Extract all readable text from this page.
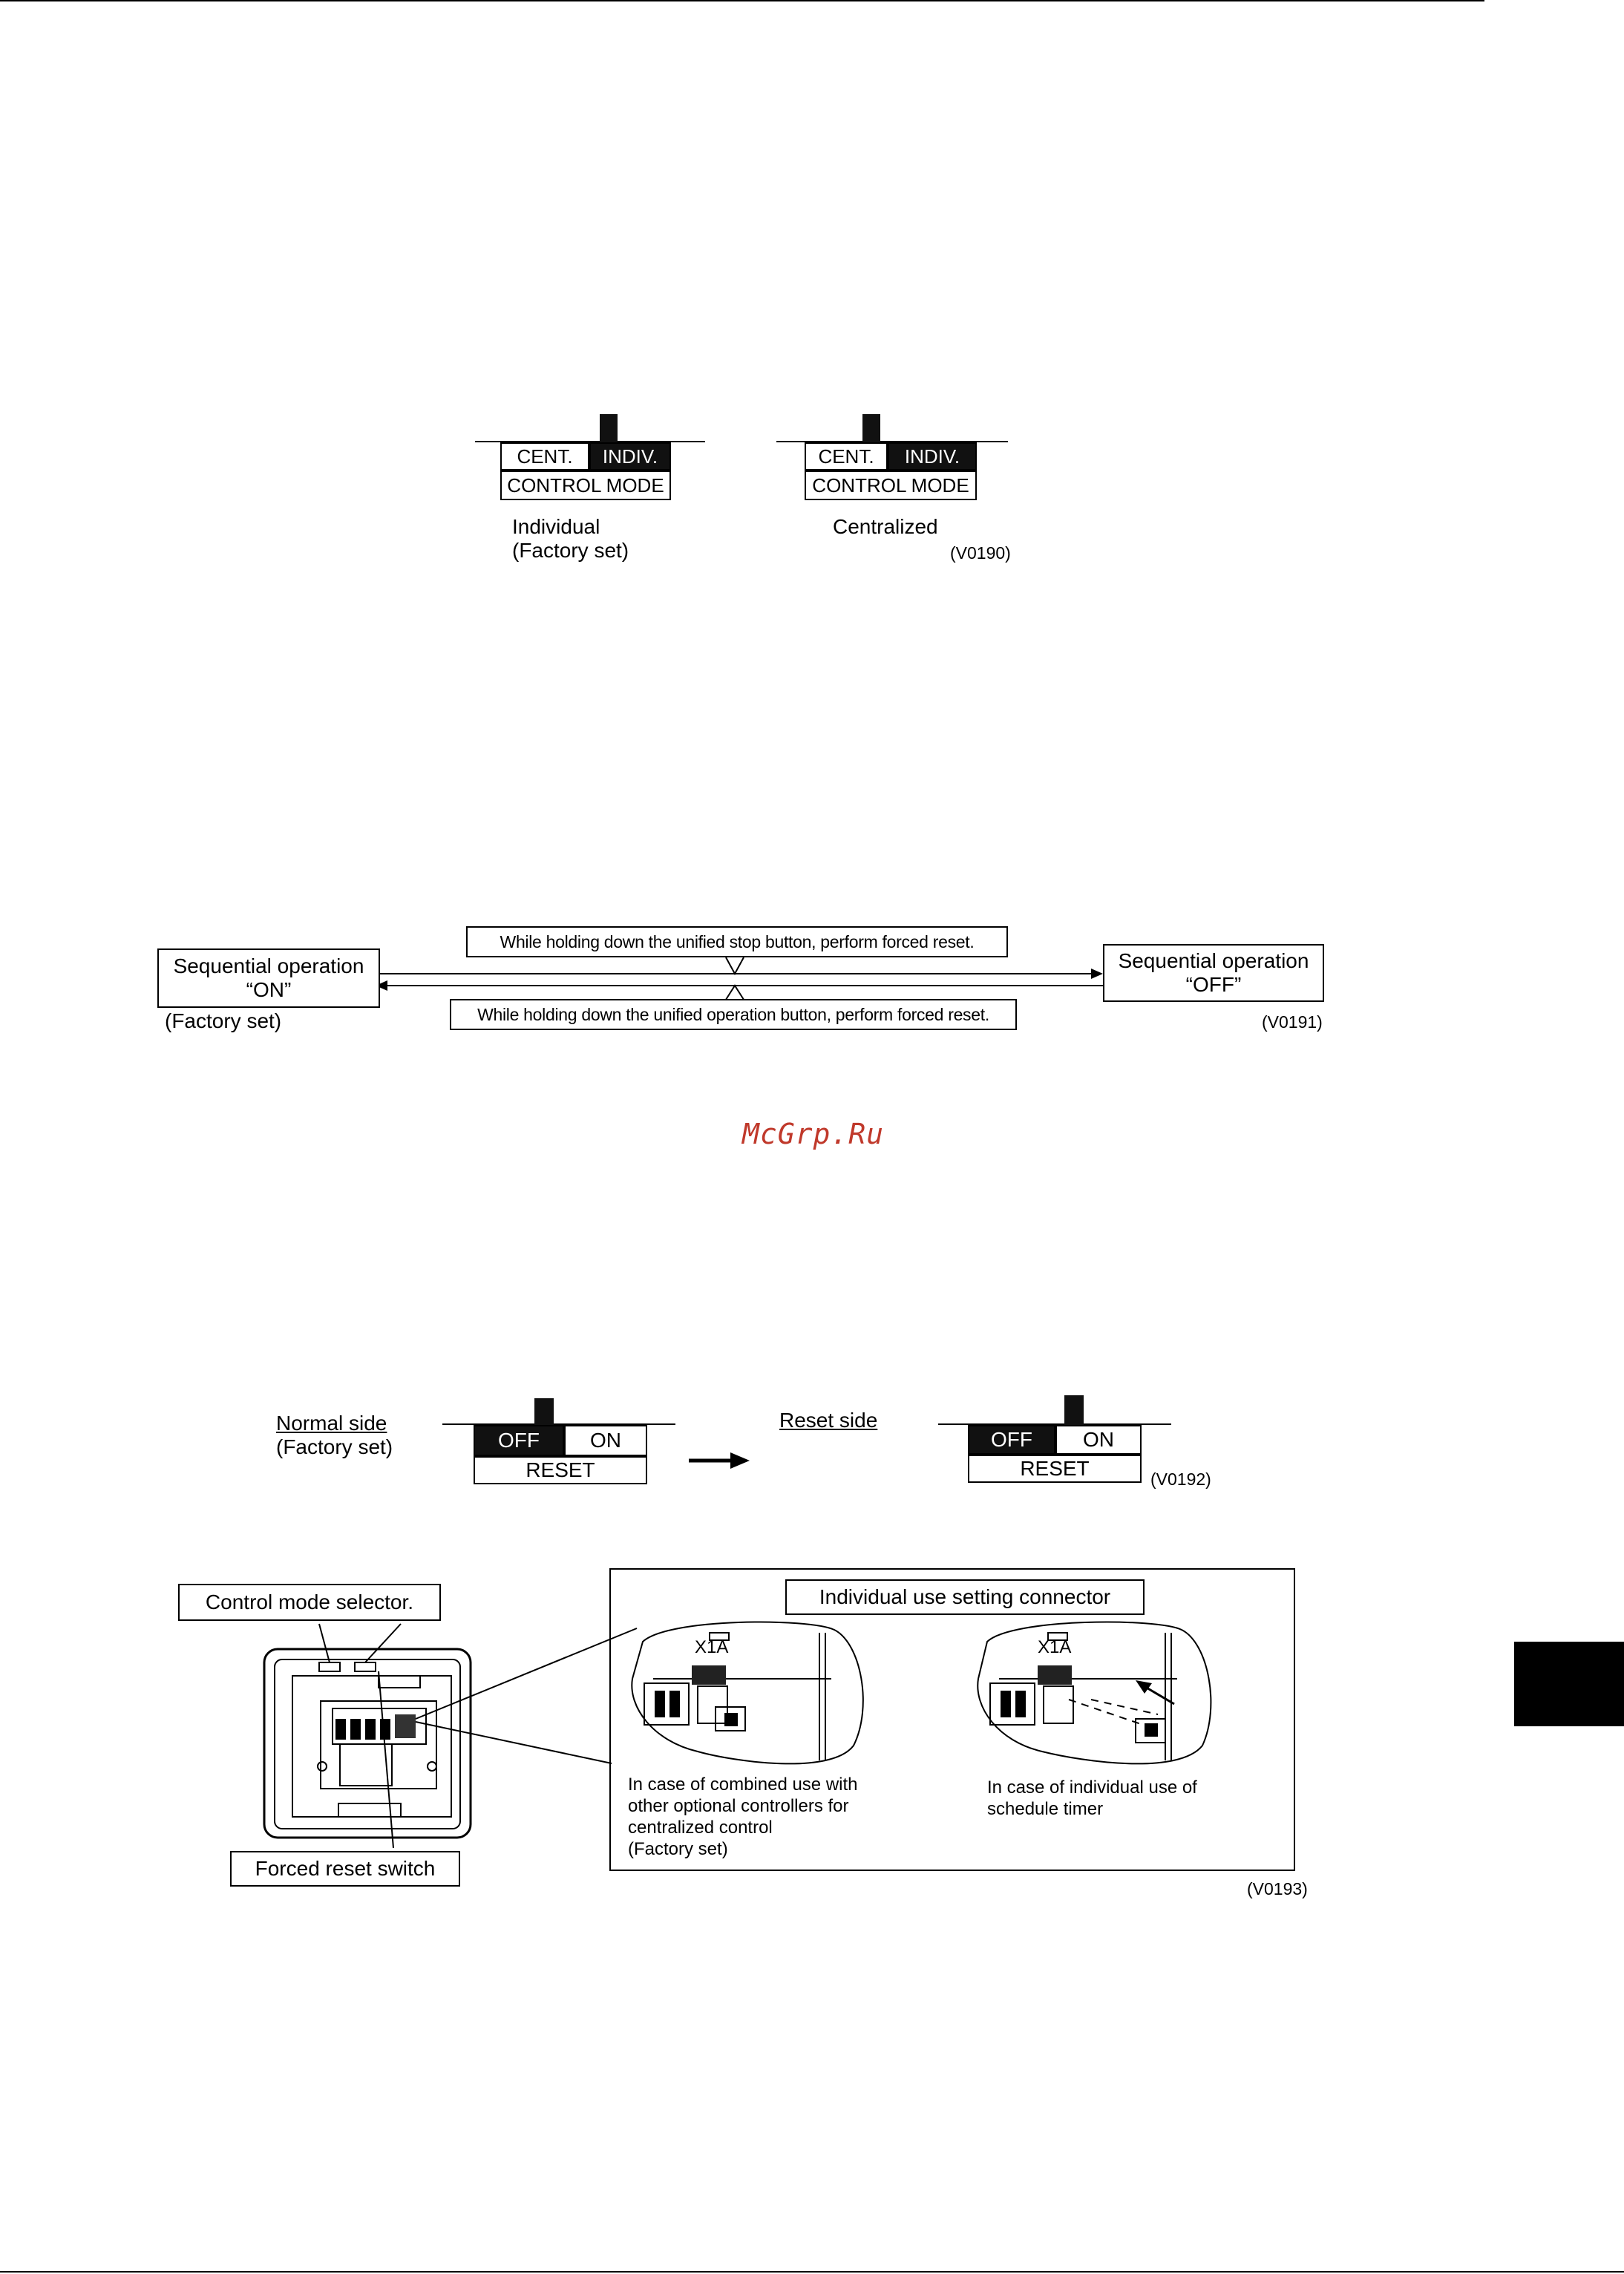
CENT.	INDIV.
CONTROL MODE
Individual
(Factory set)
CENT.	INDIV.
CONTROL MODE
Centralized
(V0190)
Sequential operation
“ON”
(Factory set)
Sequential operation
“OFF”
While holding down the unified stop button, perform forced reset.
While holding down the unified operation button, perform forced reset.	(V0191)
McGrp.Ru
Normal side
(Factory set)	OFF	ON
RESET
Reset side
OFF	ON
RESET	(V0192)
Control mode selector.
Forced reset switch
Individual use setting connector
X1A	X1A
In case of combined use with
other optional controllers for
centralized control
(Factory set)
In case of individual use of
schedule timer
(V0193)
